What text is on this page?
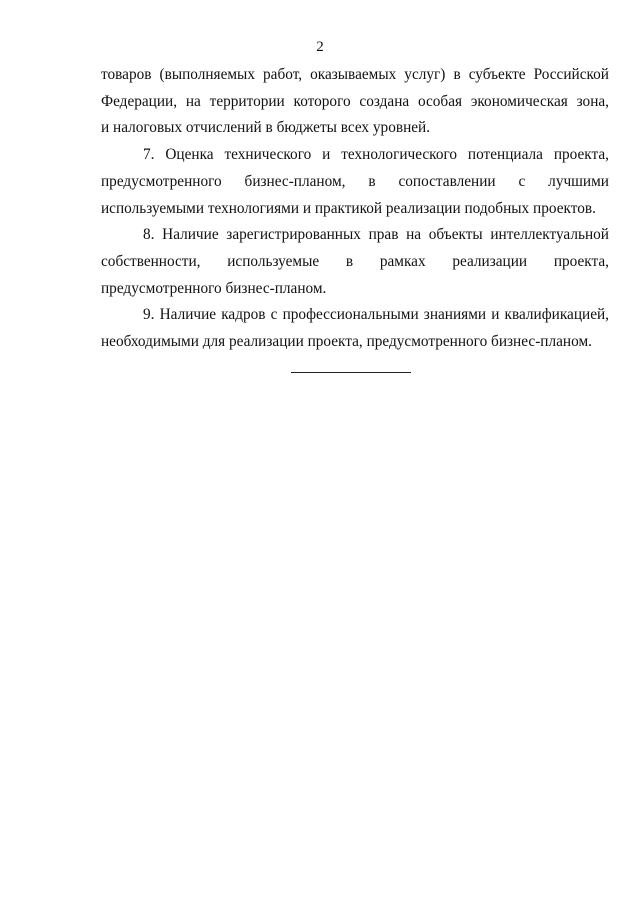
2

товаров (выполняемых работ, оказываемых услуг) в субъекте Российской
Федерации, на территории которого создана особая экономическая зона,
и налоговых отчислений в бюджеты всех уровней.

7. Оценка технического и технологического потенциала проекта,
предусмотренного бизнес-планом, в сопоставлении с лучшими
используемыми технологиями и практикой реализации подобных проектов.

8. Наличие зарегистрированных прав на объекты интеллектуальной
собственности, используемые в рамках реализации проекта,
предусмотренного бизнес-планом.

9. Наличие кадров с профессиональными знаниями и квалификацией,
необходимыми для реализации проекта, предусмотренного бизнес-планом.
